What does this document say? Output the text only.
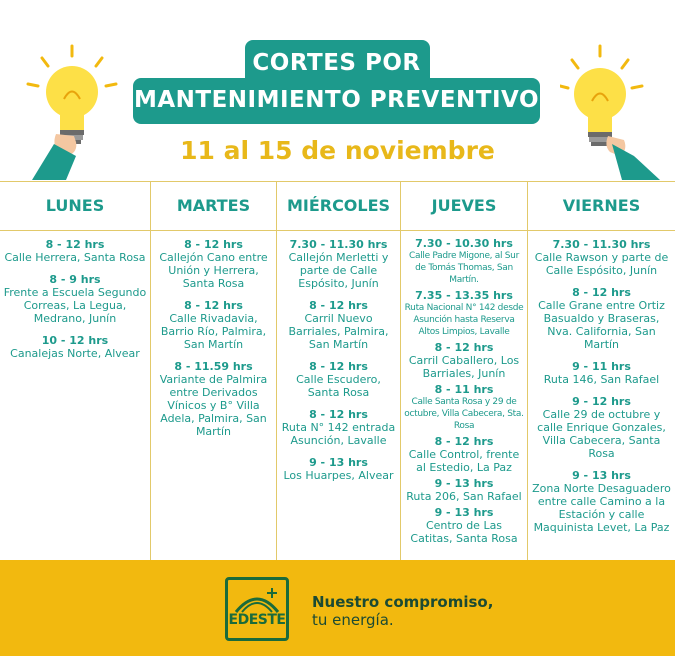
CORTES POR
MANTENIMIENTO PREVENTIVO
11 al 15 de noviembre
LUNES
8 - 12 hrs
Calle Herrera, Santa Rosa
8 - 9 hrs
Frente a Escuela Segundo Correas, La Legua, Medrano, Junín
10 - 12 hrs
Canalejas Norte, Alvear
MARTES
8 - 12 hrs
Callejón Cano entre Unión y Herrera, Santa Rosa
8 - 12 hrs
Calle Rivadavia, Barrio Río, Palmira, San Martín
8 - 11.59 hrs
Variante de Palmira entre Derivados Vínicos y B° Villa Adela, Palmira, San Martín
MIÉRCOLES
7.30 - 11.30 hrs
Callejón Merletti y parte de Calle Espósito, Junín
8 - 12 hrs
Carril Nuevo Barriales, Palmira, San Martín
8 - 12 hrs
Calle Escudero, Santa Rosa
8 - 12 hrs
Ruta N° 142 entrada Asunción, Lavalle
9 - 13 hrs
Los Huarpes, Alvear
JUEVES
7.30 - 10.30 hrs
Calle Padre Migone, al Sur de Tomás Thomas, San Martín.
7.35 - 13.35 hrs
Ruta Nacional N° 142 desde Asunción hasta Reserva Altos Limpios, Lavalle
8 - 12 hrs
Carril Caballero, Los Barriales, Junín
8 - 11 hrs
Calle Santa Rosa y 29 de octubre, Villa Cabecera, Sta. Rosa
8 - 12 hrs
Calle Control, frente al Estedio, La Paz
9 - 13 hrs
Ruta 206, San Rafael
9 - 13 hrs
Centro de Las Catitas, Santa Rosa
VIERNES
7.30 - 11.30 hrs
Calle Rawson y parte de Calle Espósito, Junín
8 - 12 hrs
Calle Grane entre Ortiz Basualdo y Braseras, Nva. California, San Martín
9 - 11 hrs
Ruta 146, San Rafael
9 - 12 hrs
Calle 29 de octubre y calle Enrique Gonzales, Villa Cabecera, Santa Rosa
9 - 13 hrs
Zona Norte Desaguadero entre calle Camino a la Estación y calle Maquinista Levet, La Paz
EDESTE
Nuestro compromiso,
tu energía.
